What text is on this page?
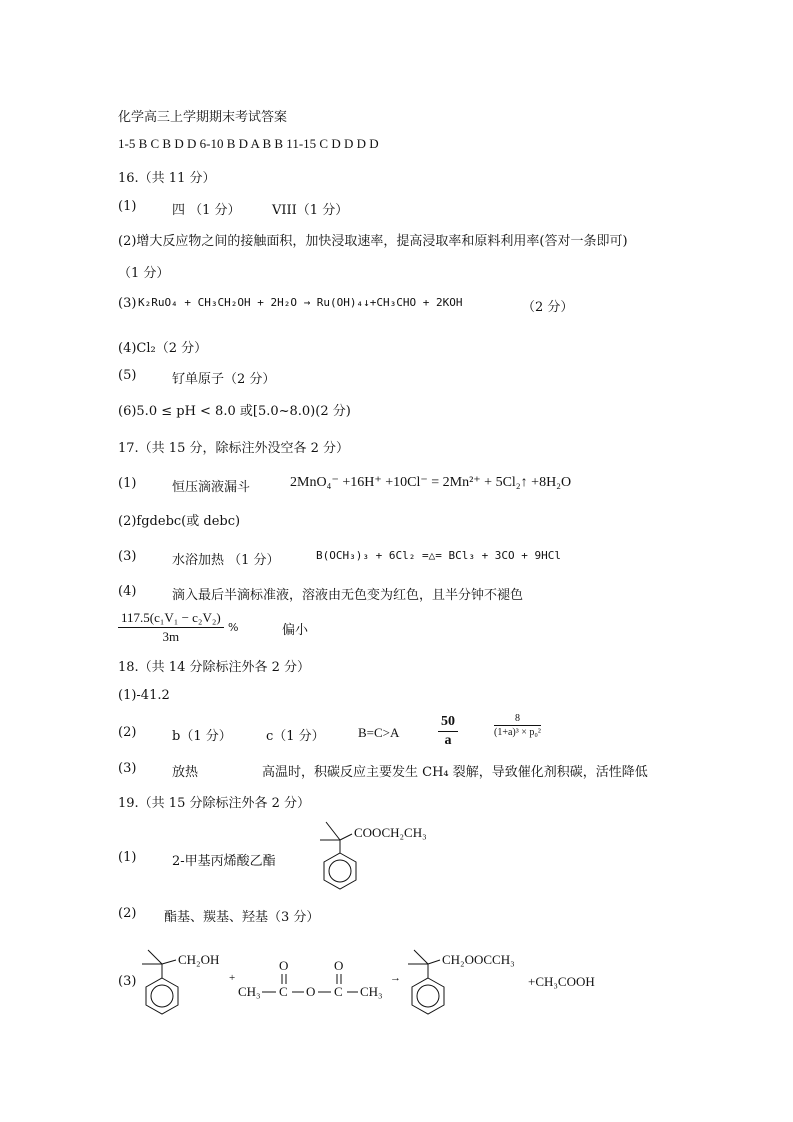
化学高三上学期期末考试答案
1-5 B C B D D 6-10 B D A B B 11-15 C D D D D
16.（共 11 分）
(1)	四 （1 分） VIII（1 分）
(2)增大反应物之间的接触面积，加快浸取速率，提高浸取率和原料利用率(答对一条即可)
（1 分）
(3) K₂RuO₄ + CH₃CH₂OH + 2H₂O → Ru(OH)₄↓+CH₃CHO + 2KOH	（2 分）
(4)Cl₂（2 分）
(5)	钌单原子（2 分）
(6)5.0 ≤ pH < 8.0 或[5.0~8.0)(2 分)
17.（共 15 分，除标注外没空各 2 分）
(1)	恒压滴液漏斗	2MnO₄⁻ +16H⁺ +10Cl⁻ = 2Mn²⁺ + 5Cl₂↑ +8H₂O
(2)fgdebc(或 debc)
(3)	水浴加热 （1 分）	B(OCH₃)₃ + 6Cl₂ =△= BCl₃ + 3CO + 9HCl
(4)	滴入最后半滴标准液，溶液由无色变为红色，且半分钟不褪色
$\frac{\text{117.5(c₁V₁ − c₂V₂)}}{3m}$ %	偏小
18.（共 14 分除标注外各 2 分）
(1)-41.2
(2)	b（1 分）	c（1 分）	B=C>A	$\frac{50}{a}$	$\frac{8}{\text{(1+a)³ × p₀²}}$
(3)	放热	高温时，积碳反应主要发生 CH₄ 裂解，导致催化剂积碳，活性降低
19.（共 15 分除标注外各 2 分）
(1)	2-甲基丙烯酸乙酯
COOCH₂CH₃
(2) 酯基、羰基、羟基（3 分）
(3)
CH₂OH
+
O	O
CH₃ C O C CH₃
→
CH₂OOCCH₃
+CH₃COOH
